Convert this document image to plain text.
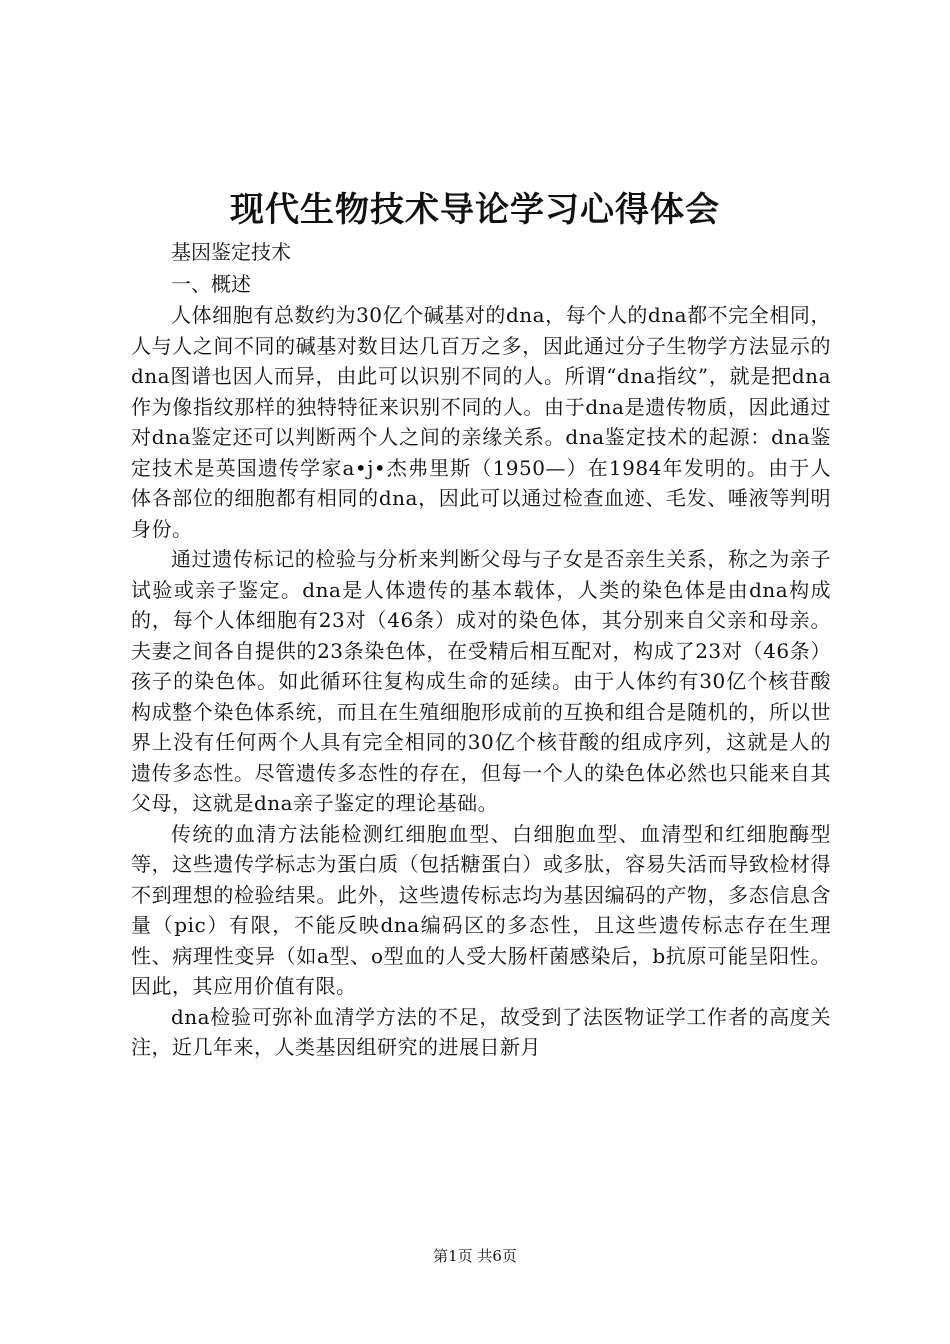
现代生物技术导论学习心得体会

基因鉴定技术

一、概述

人体细胞有总数约为30亿个碱基对的dna，每个人的dna都不完全相同，人与人之间不同的碱基对数目达几百万之多，因此通过分子生物学方法显示的dna图谱也因人而异，由此可以识别不同的人。所谓“dna指纹”，就是把dna作为像指纹那样的独特特征来识别不同的人。由于dna是遗传物质，因此通过对dna鉴定还可以判断两个人之间的亲缘关系。dna鉴定技术的起源：dna鉴定技术是英国遗传学家a•j•杰弗里斯（1950—）在1984年发明的。由于人体各部位的细胞都有相同的dna，因此可以通过检查血迹、毛发、唾液等判明身份。

通过遗传标记的检验与分析来判断父母与子女是否亲生关系，称之为亲子试验或亲子鉴定。dna是人体遗传的基本载体，人类的染色体是由dna构成的，每个人体细胞有23对（46条）成对的染色体，其分别来自父亲和母亲。夫妻之间各自提供的23条染色体，在受精后相互配对，构成了23对（46条）孩子的染色体。如此循环往复构成生命的延续。由于人体约有30亿个核苷酸构成整个染色体系统，而且在生殖细胞形成前的互换和组合是随机的，所以世界上没有任何两个人具有完全相同的30亿个核苷酸的组成序列，这就是人的遗传多态性。尽管遗传多态性的存在，但每一个人的染色体必然也只能来自其父母，这就是dna亲子鉴定的理论基础。

传统的血清方法能检测红细胞血型、白细胞血型、血清型和红细胞酶型等，这些遗传学标志为蛋白质（包括糖蛋白）或多肽，容易失活而导致检材得不到理想的检验结果。此外，这些遗传标志均为基因编码的产物，多态信息含量（pic）有限，不能反映dna编码区的多态性，且这些遗传标志存在生理性、病理性变异（如a型、o型血的人受大肠杆菌感染后，b抗原可能呈阳性。因此，其应用价值有限。

dna检验可弥补血清学方法的不足，故受到了法医物证学工作者的高度关注，近几年来，人类基因组研究的进展日新月

第1页 共6页
